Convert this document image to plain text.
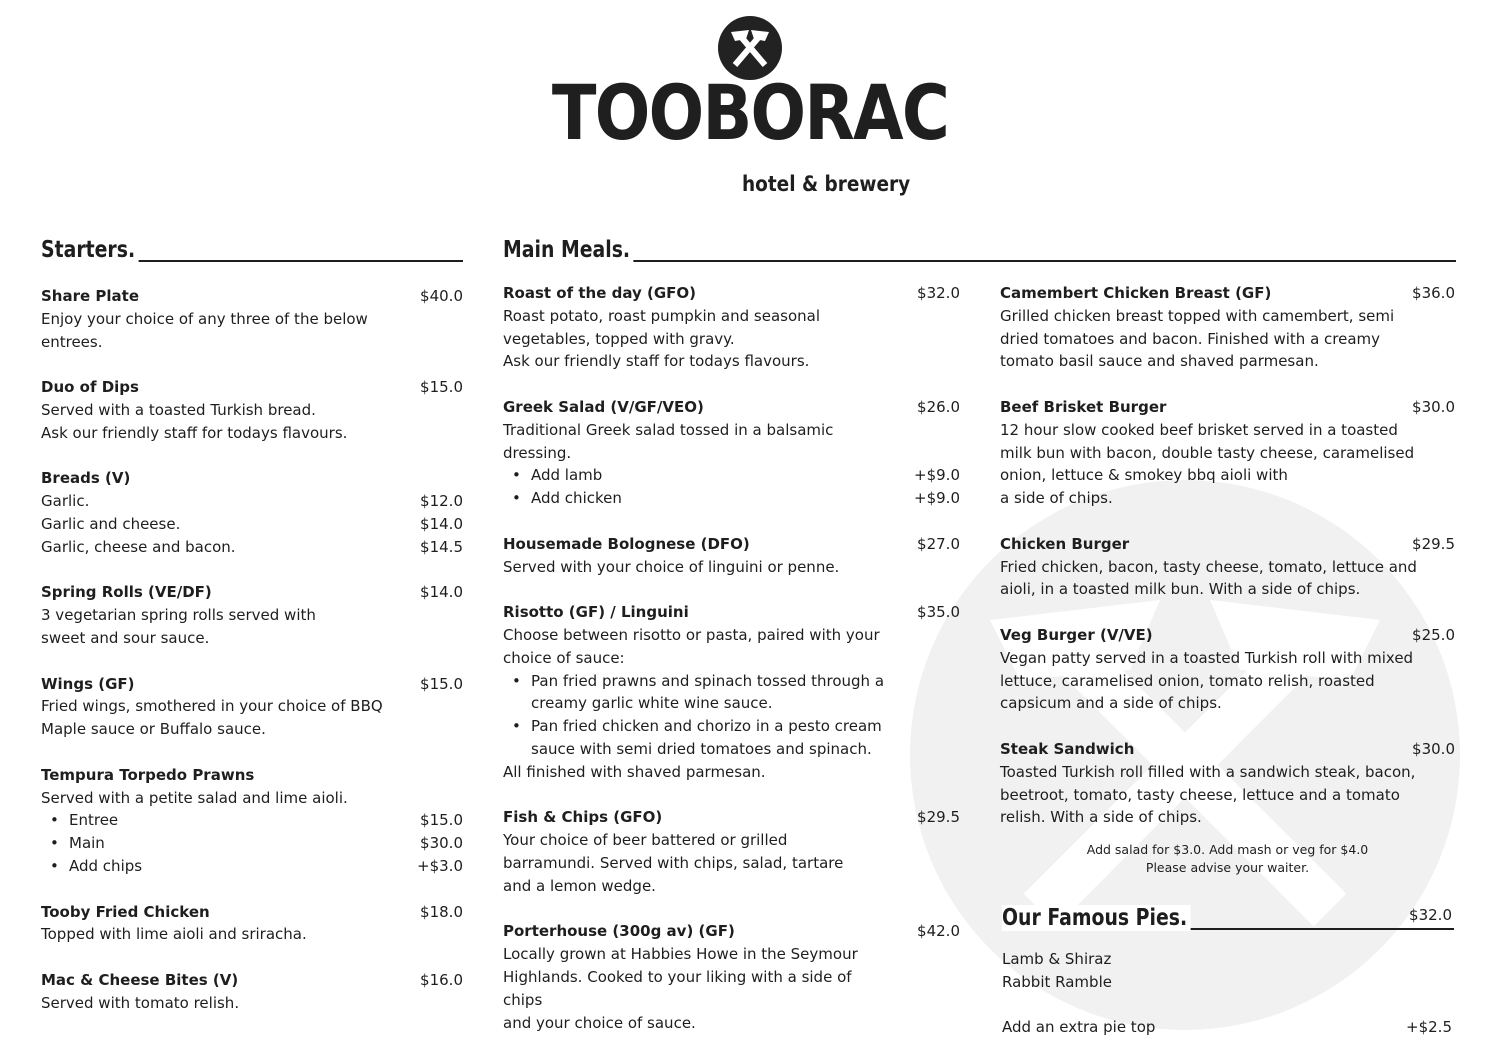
TOOBORAC
hotel & brewery
Starters.	Main Meals.
Share Plate	$40.0
Enjoy your choice of any three of the below
entrees.
Duo of Dips	$15.0
Served with a toasted Turkish bread.
Ask our friendly staff for todays flavours.
Breads (V)
Garlic.	$12.0
Garlic and cheese.	$14.0
Garlic, cheese and bacon.	$14.5
Spring Rolls (VE/DF)	$14.0
3 vegetarian spring rolls served with
sweet and sour sauce.
Wings (GF)	$15.0
Fried wings, smothered in your choice of BBQ
Maple sauce or Buffalo sauce.
Tempura Torpedo Prawns
Served with a petite salad and lime aioli.
• Entree	$15.0
• Main	$30.0
• Add chips	+$3.0
Tooby Fried Chicken	$18.0
Topped with lime aioli and sriracha.
Mac & Cheese Bites (V)	$16.0
Served with tomato relish.
Roast of the day (GFO)	$32.0
Roast potato, roast pumpkin and seasonal
vegetables, topped with gravy.
Ask our friendly staff for todays flavours.
Greek Salad (V/GF/VEO)	$26.0
Traditional Greek salad tossed in a balsamic
dressing.
• Add lamb	+$9.0
• Add chicken	+$9.0
Housemade Bolognese (DFO)	$27.0
Served with your choice of linguini or penne.
Risotto (GF) / Linguini	$35.0
Choose between risotto or pasta, paired with your
choice of sauce:
• Pan fried prawns and spinach tossed through a
creamy garlic white wine sauce.
• Pan fried chicken and chorizo in a pesto cream
sauce with semi dried tomatoes and spinach.
All finished with shaved parmesan.
Fish & Chips (GFO)	$29.5
Your choice of beer battered or grilled
barramundi. Served with chips, salad, tartare
and a lemon wedge.
Porterhouse (300g av) (GF)	$42.0
Locally grown at Habbies Howe in the Seymour
Highlands. Cooked to your liking with a side of chips
and your choice of sauce.
Camembert Chicken Breast (GF)	$36.0
Grilled chicken breast topped with camembert, semi
dried tomatoes and bacon. Finished with a creamy
tomato basil sauce and shaved parmesan.
Beef Brisket Burger	$30.0
12 hour slow cooked beef brisket served in a toasted
milk bun with bacon, double tasty cheese, caramelised
onion, lettuce & smokey bbq aioli with
a side of chips.
Chicken Burger	$29.5
Fried chicken, bacon, tasty cheese, tomato, lettuce and
aioli, in a toasted milk bun. With a side of chips.
Veg Burger (V/VE)	$25.0
Vegan patty served in a toasted Turkish roll with mixed
lettuce, caramelised onion, tomato relish, roasted
capsicum and a side of chips.
Steak Sandwich	$30.0
Toasted Turkish roll filled with a sandwich steak, bacon,
beetroot, tomato, tasty cheese, lettuce and a tomato
relish. With a side of chips.
Add salad for $3.0. Add mash or veg for $4.0
Please advise your waiter.
Our Famous Pies.	$32.0
Lamb & Shiraz
Rabbit Ramble
Add an extra pie top	+$2.5
